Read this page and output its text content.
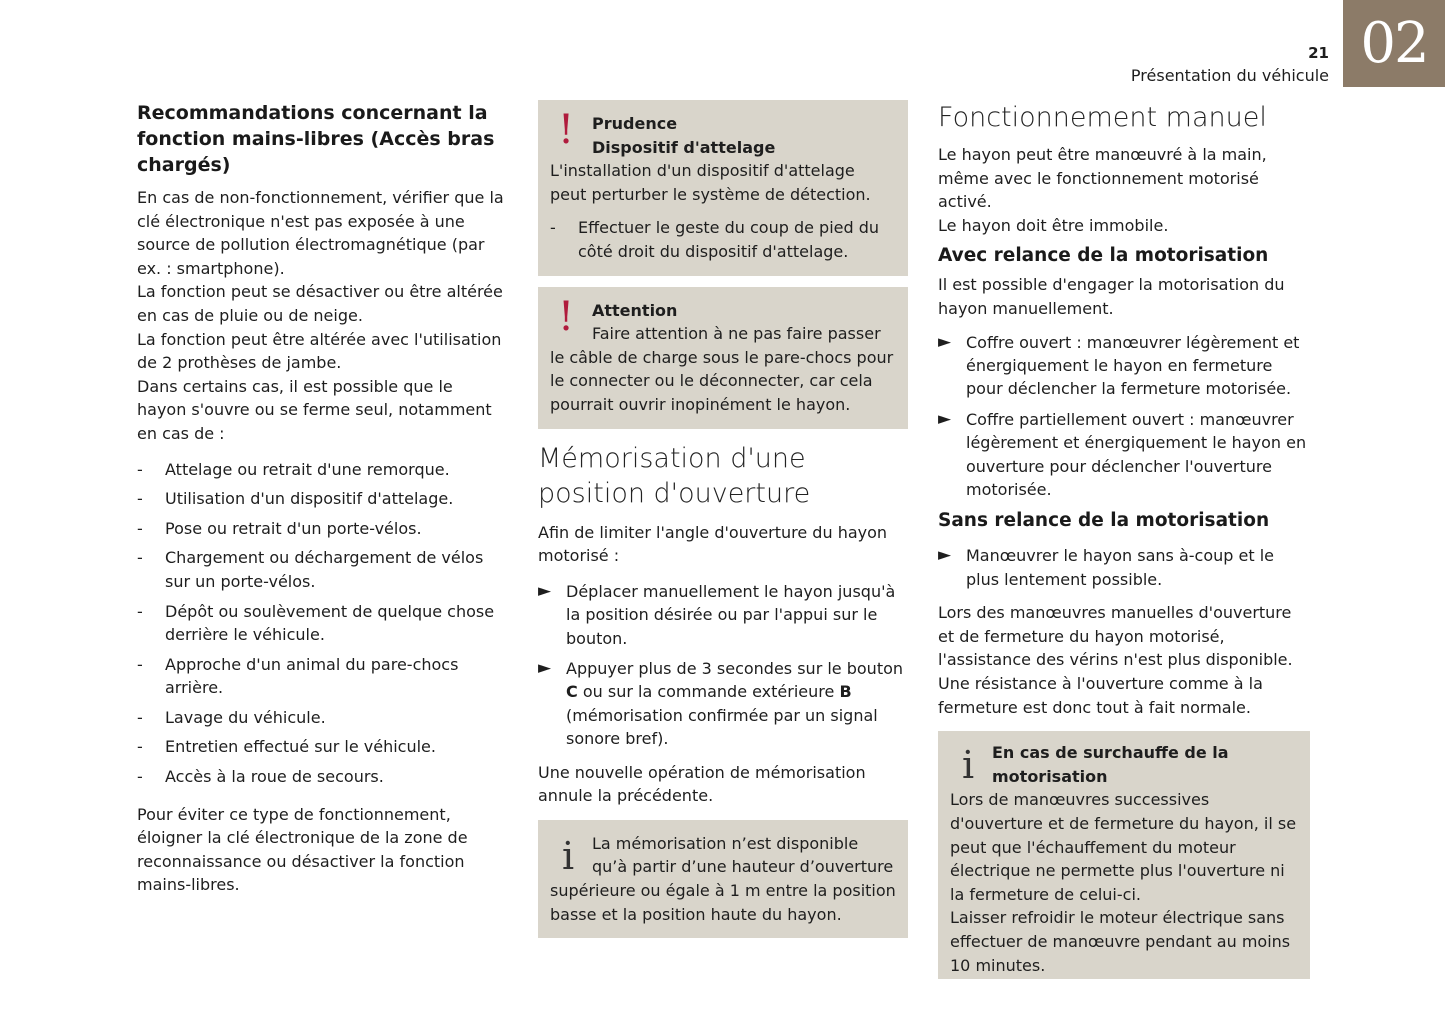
02
21
Présentation du véhicule
Recommandations concernant la fonction mains-libres (Accès bras chargés)

En cas de non-fonctionnement, vérifier que la clé électronique n'est pas exposée à une source de pollution électromagnétique (par ex. : smartphone).

La fonction peut se désactiver ou être altérée en cas de pluie ou de neige.

La fonction peut être altérée avec l'utilisation de 2 prothèses de jambe.

Dans certains cas, il est possible que le hayon s'ouvre ou se ferme seul, notamment en cas de :

- Attelage ou retrait d'une remorque.
- Utilisation d'un dispositif d'attelage.
- Pose ou retrait d'un porte-vélos.
- Chargement ou déchargement de vélos sur un porte-vélos.
- Dépôt ou soulèvement de quelque chose derrière le véhicule.
- Approche d'un animal du pare-chocs arrière.
- Lavage du véhicule.
- Entretien effectué sur le véhicule.
- Accès à la roue de secours.

Pour éviter ce type de fonctionnement, éloigner la clé électronique de la zone de reconnaissance ou désactiver la fonction mains-libres.

! Prudence
Dispositif d'attelage
L'installation d'un dispositif d'attelage peut perturber le système de détection.
- Effectuer le geste du coup de pied du côté droit du dispositif d'attelage.
! Attention
Faire attention à ne pas faire passer
le câble de charge sous le pare-chocs pour le connecter ou le déconnecter, car cela pourrait ouvrir inopinément le hayon.
Mémorisation d'une position d'ouverture

Afin de limiter l'angle d'ouverture du hayon motorisé :

► Déplacer manuellement le hayon jusqu'à la position désirée ou par l'appui sur le bouton.
► Appuyer plus de 3 secondes sur le bouton C ou sur la commande extérieure B (mémorisation confirmée par un signal sonore bref).

Une nouvelle opération de mémorisation annule la précédente.

i La mémorisation n’est disponible qu’à partir d’une hauteur d’ouverture
supérieure ou égale à 1 m entre la position basse et la position haute du hayon.
Fonctionnement manuel

Le hayon peut être manœuvré à la main, même avec le fonctionnement motorisé activé.

Le hayon doit être immobile.

Avec relance de la motorisation

Il est possible d'engager la motorisation du hayon manuellement.

► Coffre ouvert : manœuvrer légèrement et énergiquement le hayon en fermeture pour déclencher la fermeture motorisée.
► Coffre partiellement ouvert : manœuvrer légèrement et énergiquement le hayon en ouverture pour déclencher l'ouverture motorisée.
Sans relance de la motorisation
► Manœuvrer le hayon sans à-coup et le plus lentement possible.

Lors des manœuvres manuelles d'ouverture et de fermeture du hayon motorisé, l'assistance des vérins n'est plus disponible. Une résistance à l'ouverture comme à la fermeture est donc tout à fait normale.

i En cas de surchauffe de la motorisation
Lors de manœuvres successives d'ouverture et de fermeture du hayon, il se peut que l'échauffement du moteur électrique ne permette plus l'ouverture ni la fermeture de celui-ci.
Laisser refroidir le moteur électrique sans effectuer de manœuvre pendant au moins 10 minutes.
